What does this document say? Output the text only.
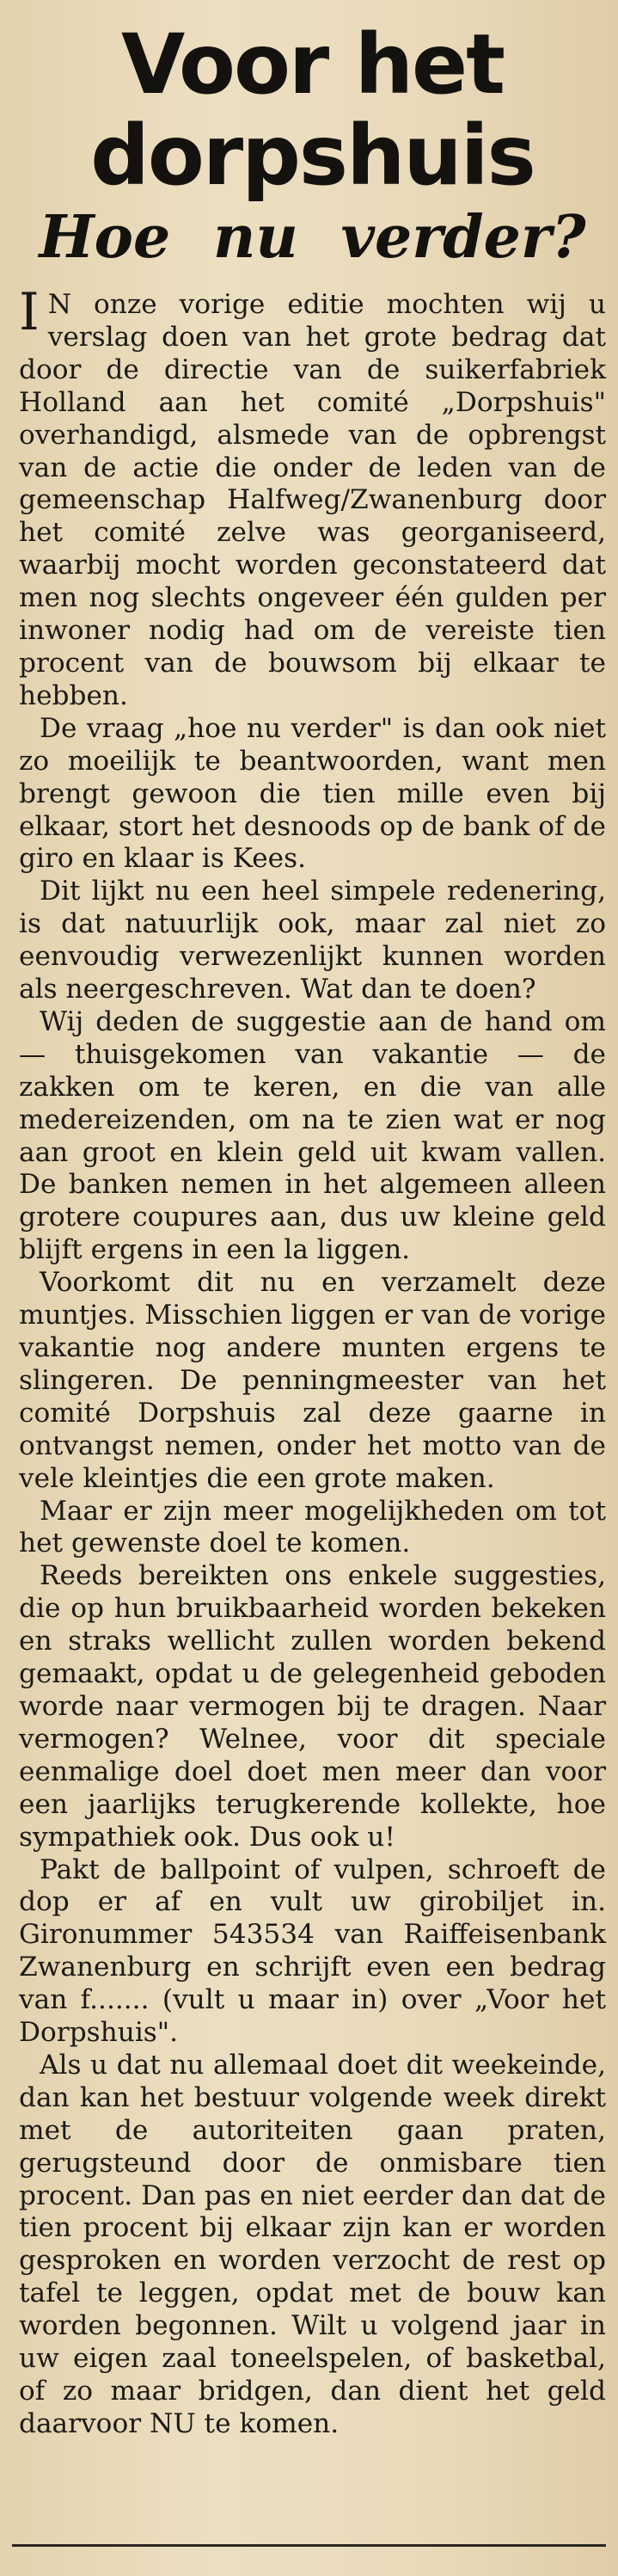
Voor het dorpshuis
Hoe nu verder?

I N onze vorige editie mochten wij u verslag doen van het grote bedrag dat door de directie van de suikerfabriek Holland aan het comité „Dorpshuis" overhandigd, alsmede van de opbrengst van de actie die onder de leden van de gemeenschap Halfweg/Zwanenburg door het comité zelve was georganiseerd, waarbij mocht worden geconstateerd dat men nog slechts ongeveer één gulden per inwoner nodig had om de vereiste tien procent van de bouwsom bij elkaar te hebben.

De vraag „hoe nu verder" is dan ook niet zo moeilijk te beantwoorden, want men brengt gewoon die tien mille even bij elkaar, stort het desnoods op de bank of de giro en klaar is Kees.

Dit lijkt nu een heel simpele redenering, is dat natuurlijk ook, maar zal niet zo eenvoudig verwezenlijkt kunnen worden als neergeschreven. Wat dan te doen?

Wij deden de suggestie aan de hand om — thuisgekomen van vakantie — de zakken om te keren, en die van alle medereizenden, om na te zien wat er nog aan groot en klein geld uit kwam vallen. De banken nemen in het algemeen alleen grotere coupures aan, dus uw kleine geld blijft ergens in een la liggen.

Voorkomt dit nu en verzamelt deze muntjes. Misschien liggen er van de vorige vakantie nog andere munten ergens te slingeren. De penningmeester van het comité Dorpshuis zal deze gaarne in ontvangst nemen, onder het motto van de vele kleintjes die een grote maken.

Maar er zijn meer mogelijkheden om tot het gewenste doel te komen.

Reeds bereikten ons enkele suggesties, die op hun bruikbaarheid worden bekeken en straks wellicht zullen worden bekend gemaakt, opdat u de gelegenheid geboden worde naar vermogen bij te dragen. Naar vermogen? Welnee, voor dit speciale eenmalige doel doet men meer dan voor een jaarlijks terugkerende kollekte, hoe sympathiek ook. Dus ook u!

Pakt de ballpoint of vulpen, schroeft de dop er af en vult uw girobiljet in. Gironummer 543534 van Raiffeisenbank Zwanenburg en schrijft even een bedrag van f....... (vult u maar in) over „Voor het Dorpshuis".

Als u dat nu allemaal doet dit weekeinde, dan kan het bestuur volgende week direkt met de autoriteiten gaan praten, gerugsteund door de onmisbare tien procent. Dan pas en niet eerder dan dat de tien procent bij elkaar zijn kan er worden gesproken en worden verzocht de rest op tafel te leggen, opdat met de bouw kan worden begonnen. Wilt u volgend jaar in uw eigen zaal toneelspelen, of basketbal, of zo maar bridgen, dan dient het geld daarvoor NU te komen.
